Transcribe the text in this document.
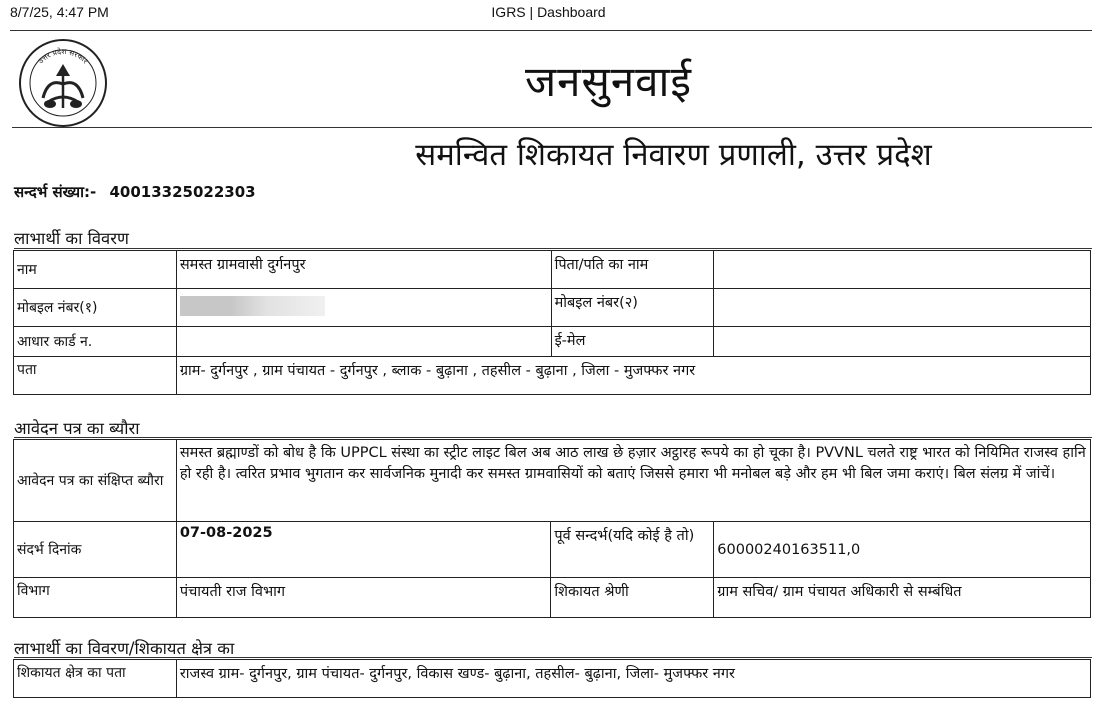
8/7/25, 4:47 PM	IGRS | Dashboard
उत्तर प्रदेश सरकार	जनसुनवाई
समन्वित शिकायत निवारण प्रणाली, उत्तर प्रदेश
सन्दर्भ संख्या:- 40013325022303
लाभार्थी का विवरण
नाम	समस्त ग्रामवासी दुर्गनपुर	पिता/पति का नाम	
मोबइल नंबर(१)		मोबइल नंबर(२)	
आधार कार्ड न.		ई-मेल	
पता	ग्राम- दुर्गनपुर , ग्राम पंचायत - दुर्गनपुर , ब्लाक - बुढ़ाना , तहसील - बुढ़ाना , जिला - मुजफ्फर नगर		
आवेदन पत्र का ब्यौरा
आवेदन पत्र का संक्षिप्त ब्यौरा	समस्त ब्रह्माण्डों को बोध है कि UPPCL संस्था का स्ट्रीट लाइट बिल अब आठ लाख छे हज़ार अट्ठारह रूपये का हो चूका है। PVVNL चलते राष्ट्र भारत को नियिमित राजस्व हानि हो रही है। त्वरित प्रभाव भुगतान कर सार्वजनिक मुनादी कर समस्त ग्रामवासियों को बताएं जिससे हमारा भी मनोबल बड़े और हम भी बिल जमा कराएं। बिल संलग्र में जांचें।		
संदर्भ दिनांक	07-08-2025	पूर्व सन्दर्भ(यदि कोई है तो)	60000240163511,0
विभाग	पंचायती राज विभाग	शिकायत श्रेणी	ग्राम सचिव/ ग्राम पंचायत अधिकारी से सम्बंधित
लाभार्थी का विवरण/शिकायत क्षेत्र का
शिकायत क्षेत्र का पता	राजस्व ग्राम- दुर्गनपुर, ग्राम पंचायत- दुर्गनपुर, विकास खण्ड- बुढ़ाना, तहसील- बुढ़ाना, जिला- मुजफ्फर नगर
